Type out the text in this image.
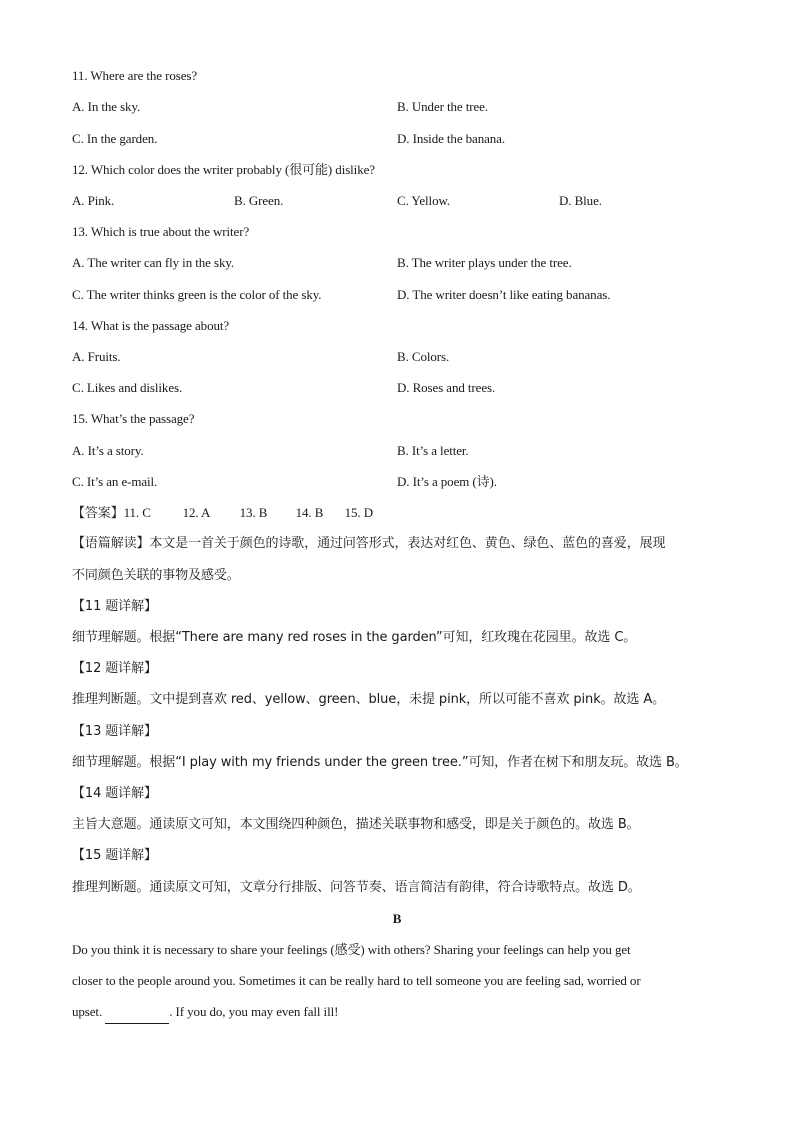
11. Where are the roses?
A. In the sky.	B. Under the tree.
C. In the garden.	D. Inside the banana.
12. Which color does the writer probably (很可能) dislike?
A. Pink.	B. Green.	C. Yellow.	D. Blue.
13. Which is true about the writer?
A. The writer can fly in the sky.	B. The writer plays under the tree.
C. The writer thinks green is the color of the sky.	D. The writer doesn’t like eating bananas.
14. What is the passage about?
A. Fruits.	B. Colors.
C. Likes and dislikes.	D. Roses and trees.
15. What’s the passage?
A. It’s a story.	B. It’s a letter.
C. It’s an e-mail.	D. It’s a poem (诗).
【答案】11. C 12. A 13. B 14. B 15. D
【语篇解读】本文是一首关于颜色的诗歌，通过问答形式，表达对红色、黄色、绿色、蓝色的喜爱，展现
不同颜色关联的事物及感受。
【11 题详解】
细节理解题。根据“There are many red roses in the garden”可知，红玫瑰在花园里。故选 C。
【12 题详解】
推理判断题。文中提到喜欢 red、yellow、green、blue，未提 pink，所以可能不喜欢 pink。故选 A。
【13 题详解】
细节理解题。根据“I play with my friends under the green tree.”可知，作者在树下和朋友玩。故选 B。
【14 题详解】
主旨大意题。通读原文可知，本文围绕四种颜色，描述关联事物和感受，即是关于颜色的。故选 B。
【15 题详解】
推理判断题。通读原文可知，文章分行排版、问答节奏、语言简洁有韵律，符合诗歌特点。故选 D。
B
Do you think it is necessary to share your feelings (感受) with others? Sharing your feelings can help you get
closer to the people around you. Sometimes it can be really hard to tell someone you are feeling sad, worried or
upset.	. If you do, you may even fall ill!
